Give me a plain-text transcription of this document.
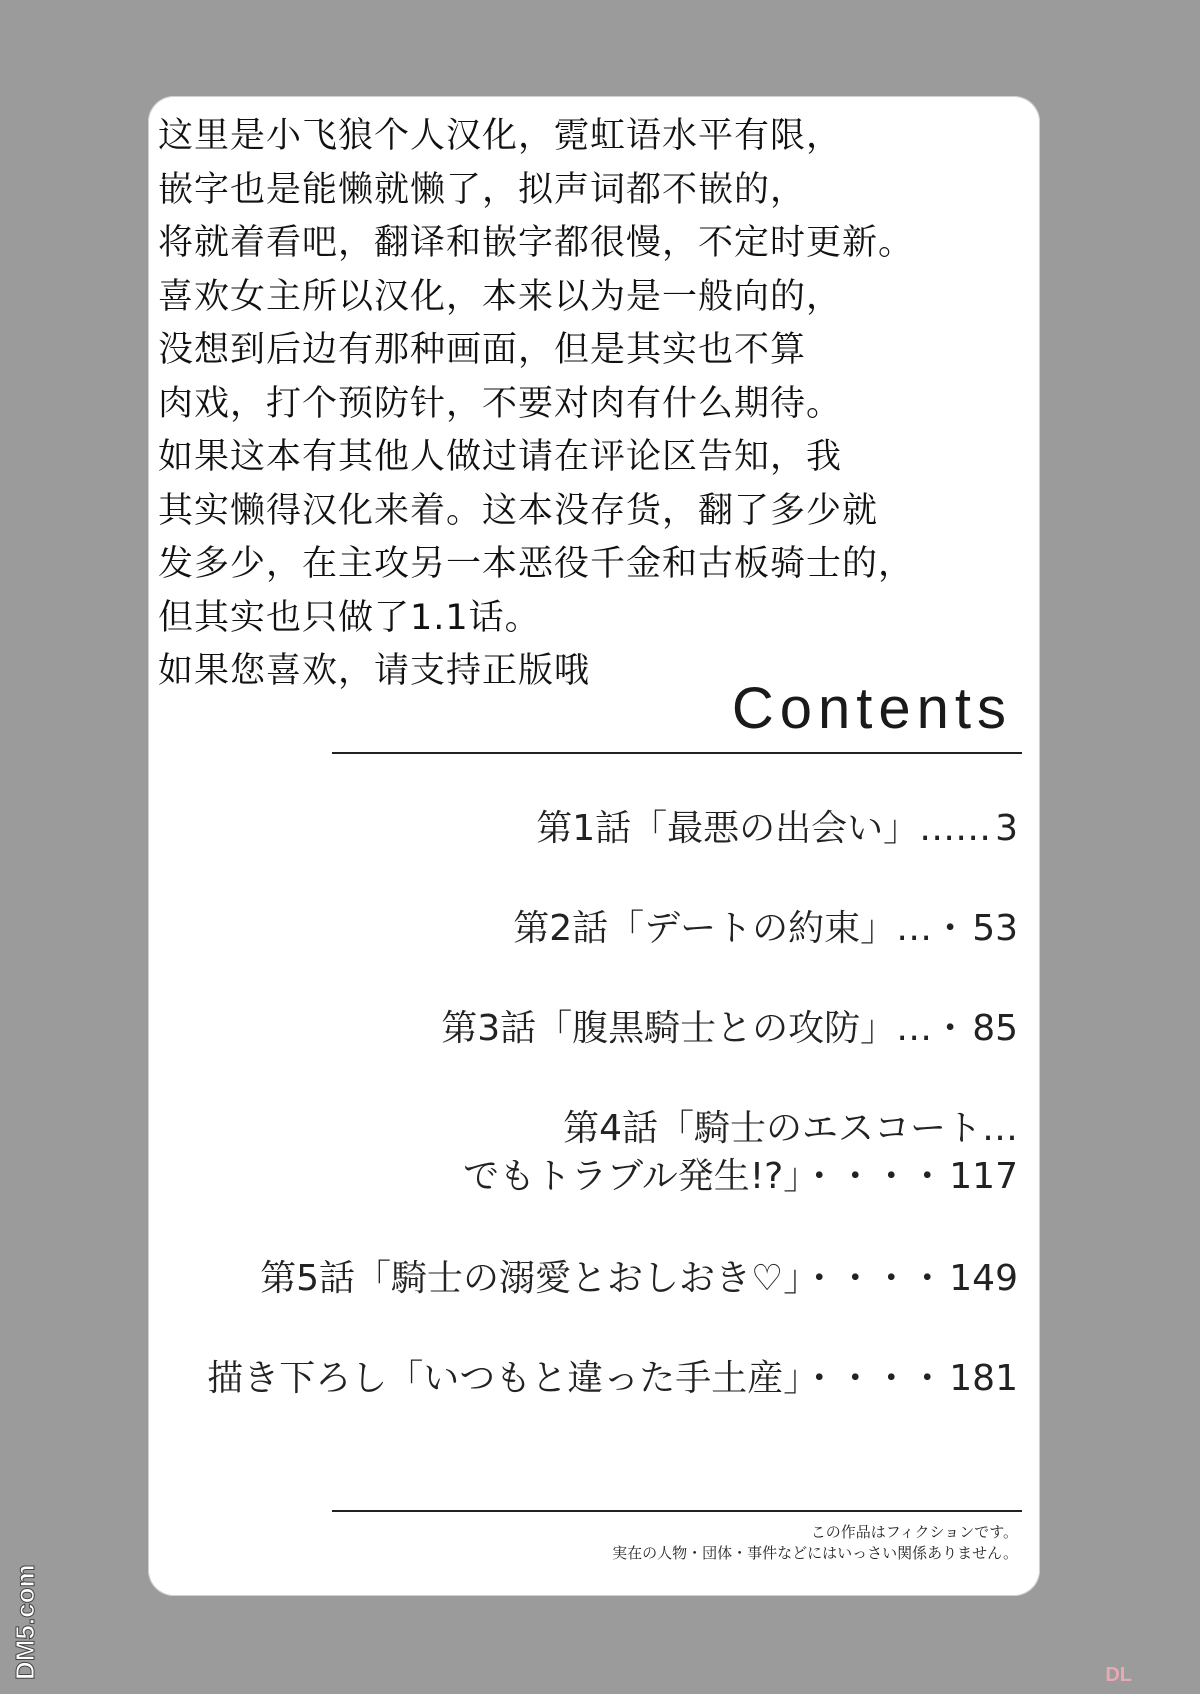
这里是小飞狼个人汉化，霓虹语水平有限，
嵌字也是能懒就懒了，拟声词都不嵌的，
将就着看吧，翻译和嵌字都很慢，不定时更新。
喜欢女主所以汉化，本来以为是一般向的，
没想到后边有那种画面，但是其实也不算
肉戏，打个预防针，不要对肉有什么期待。
如果这本有其他人做过请在评论区告知，我
其实懒得汉化来着。这本没存货，翻了多少就
发多少，在主攻另一本恶役千金和古板骑士的，
但其实也只做了1.1话。
如果您喜欢，请支持正版哦
Contents
第1話「最悪の出会い」…… 3
第2話「デートの約束」…・ 53
第3話「腹黒騎士との攻防」…・ 85
第4話「騎士のエスコート…
でもトラブル発生!?」・・・・ 117
第5話「騎士の溺愛とおしおき♡」・・・・ 149
描き下ろし「いつもと違った手土産」・・・・ 181
この作品はフィクションです。
実在の人物・団体・事件などにはいっさい関係ありません。
DM5.com	DL
